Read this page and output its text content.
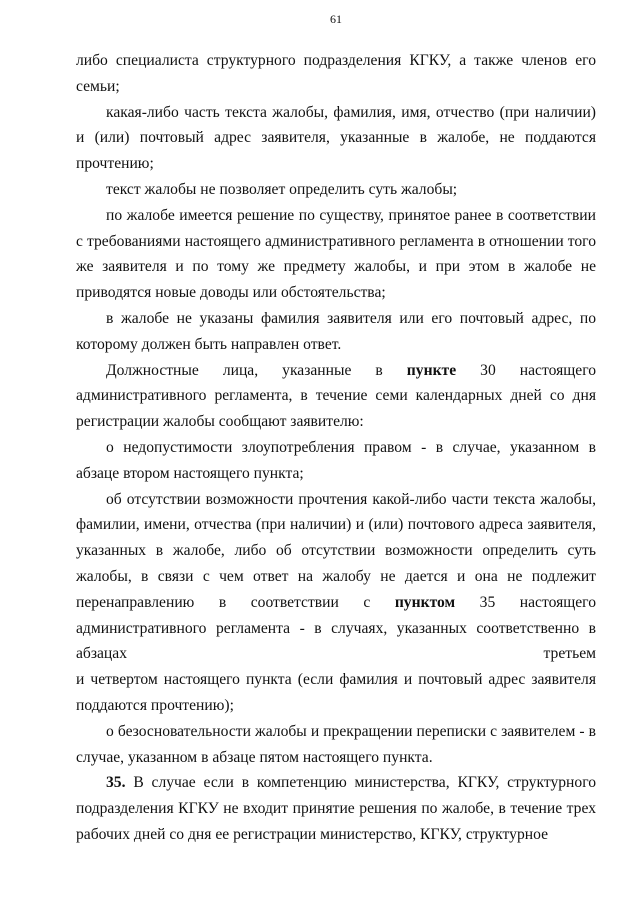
61

либо специалиста структурного подразделения КГКУ, а также членов его семьи;

какая-либо часть текста жалобы, фамилия, имя, отчество (при наличии) и (или) почтовый адрес заявителя, указанные в жалобе, не поддаются прочтению;

текст жалобы не позволяет определить суть жалобы;

по жалобе имеется решение по существу, принятое ранее в соответствии с требованиями настоящего административного регламента в отношении того же заявителя и по тому же предмету жалобы, и при этом в жалобе не приводятся новые доводы или обстоятельства;

в жалобе не указаны фамилия заявителя или его почтовый адрес, по которому должен быть направлен ответ.

Должностные лица, указанные в пункте 30 настоящего административного регламента, в течение семи календарных дней со дня регистрации жалобы сообщают заявителю:

о недопустимости злоупотребления правом - в случае, указанном в абзаце втором настоящего пункта;

об отсутствии возможности прочтения какой-либо части текста жалобы, фамилии, имени, отчества (при наличии) и (или) почтового адреса заявителя, указанных в жалобе, либо об отсутствии возможности определить суть жалобы, в связи с чем ответ на жалобу не дается и она не подлежит перенаправлению в соответствии с пунктом 35 настоящего административного регламента - в случаях, указанных соответственно в абзацах третьем

и четвертом настоящего пункта (если фамилия и почтовый адрес заявителя поддаются прочтению);

о безосновательности жалобы и прекращении переписки с заявителем - в случае, указанном в абзаце пятом настоящего пункта.

35. В случае если в компетенцию министерства, КГКУ, структурного подразделения КГКУ не входит принятие решения по жалобе, в течение трех рабочих дней со дня ее регистрации министерство, КГКУ, структурное
